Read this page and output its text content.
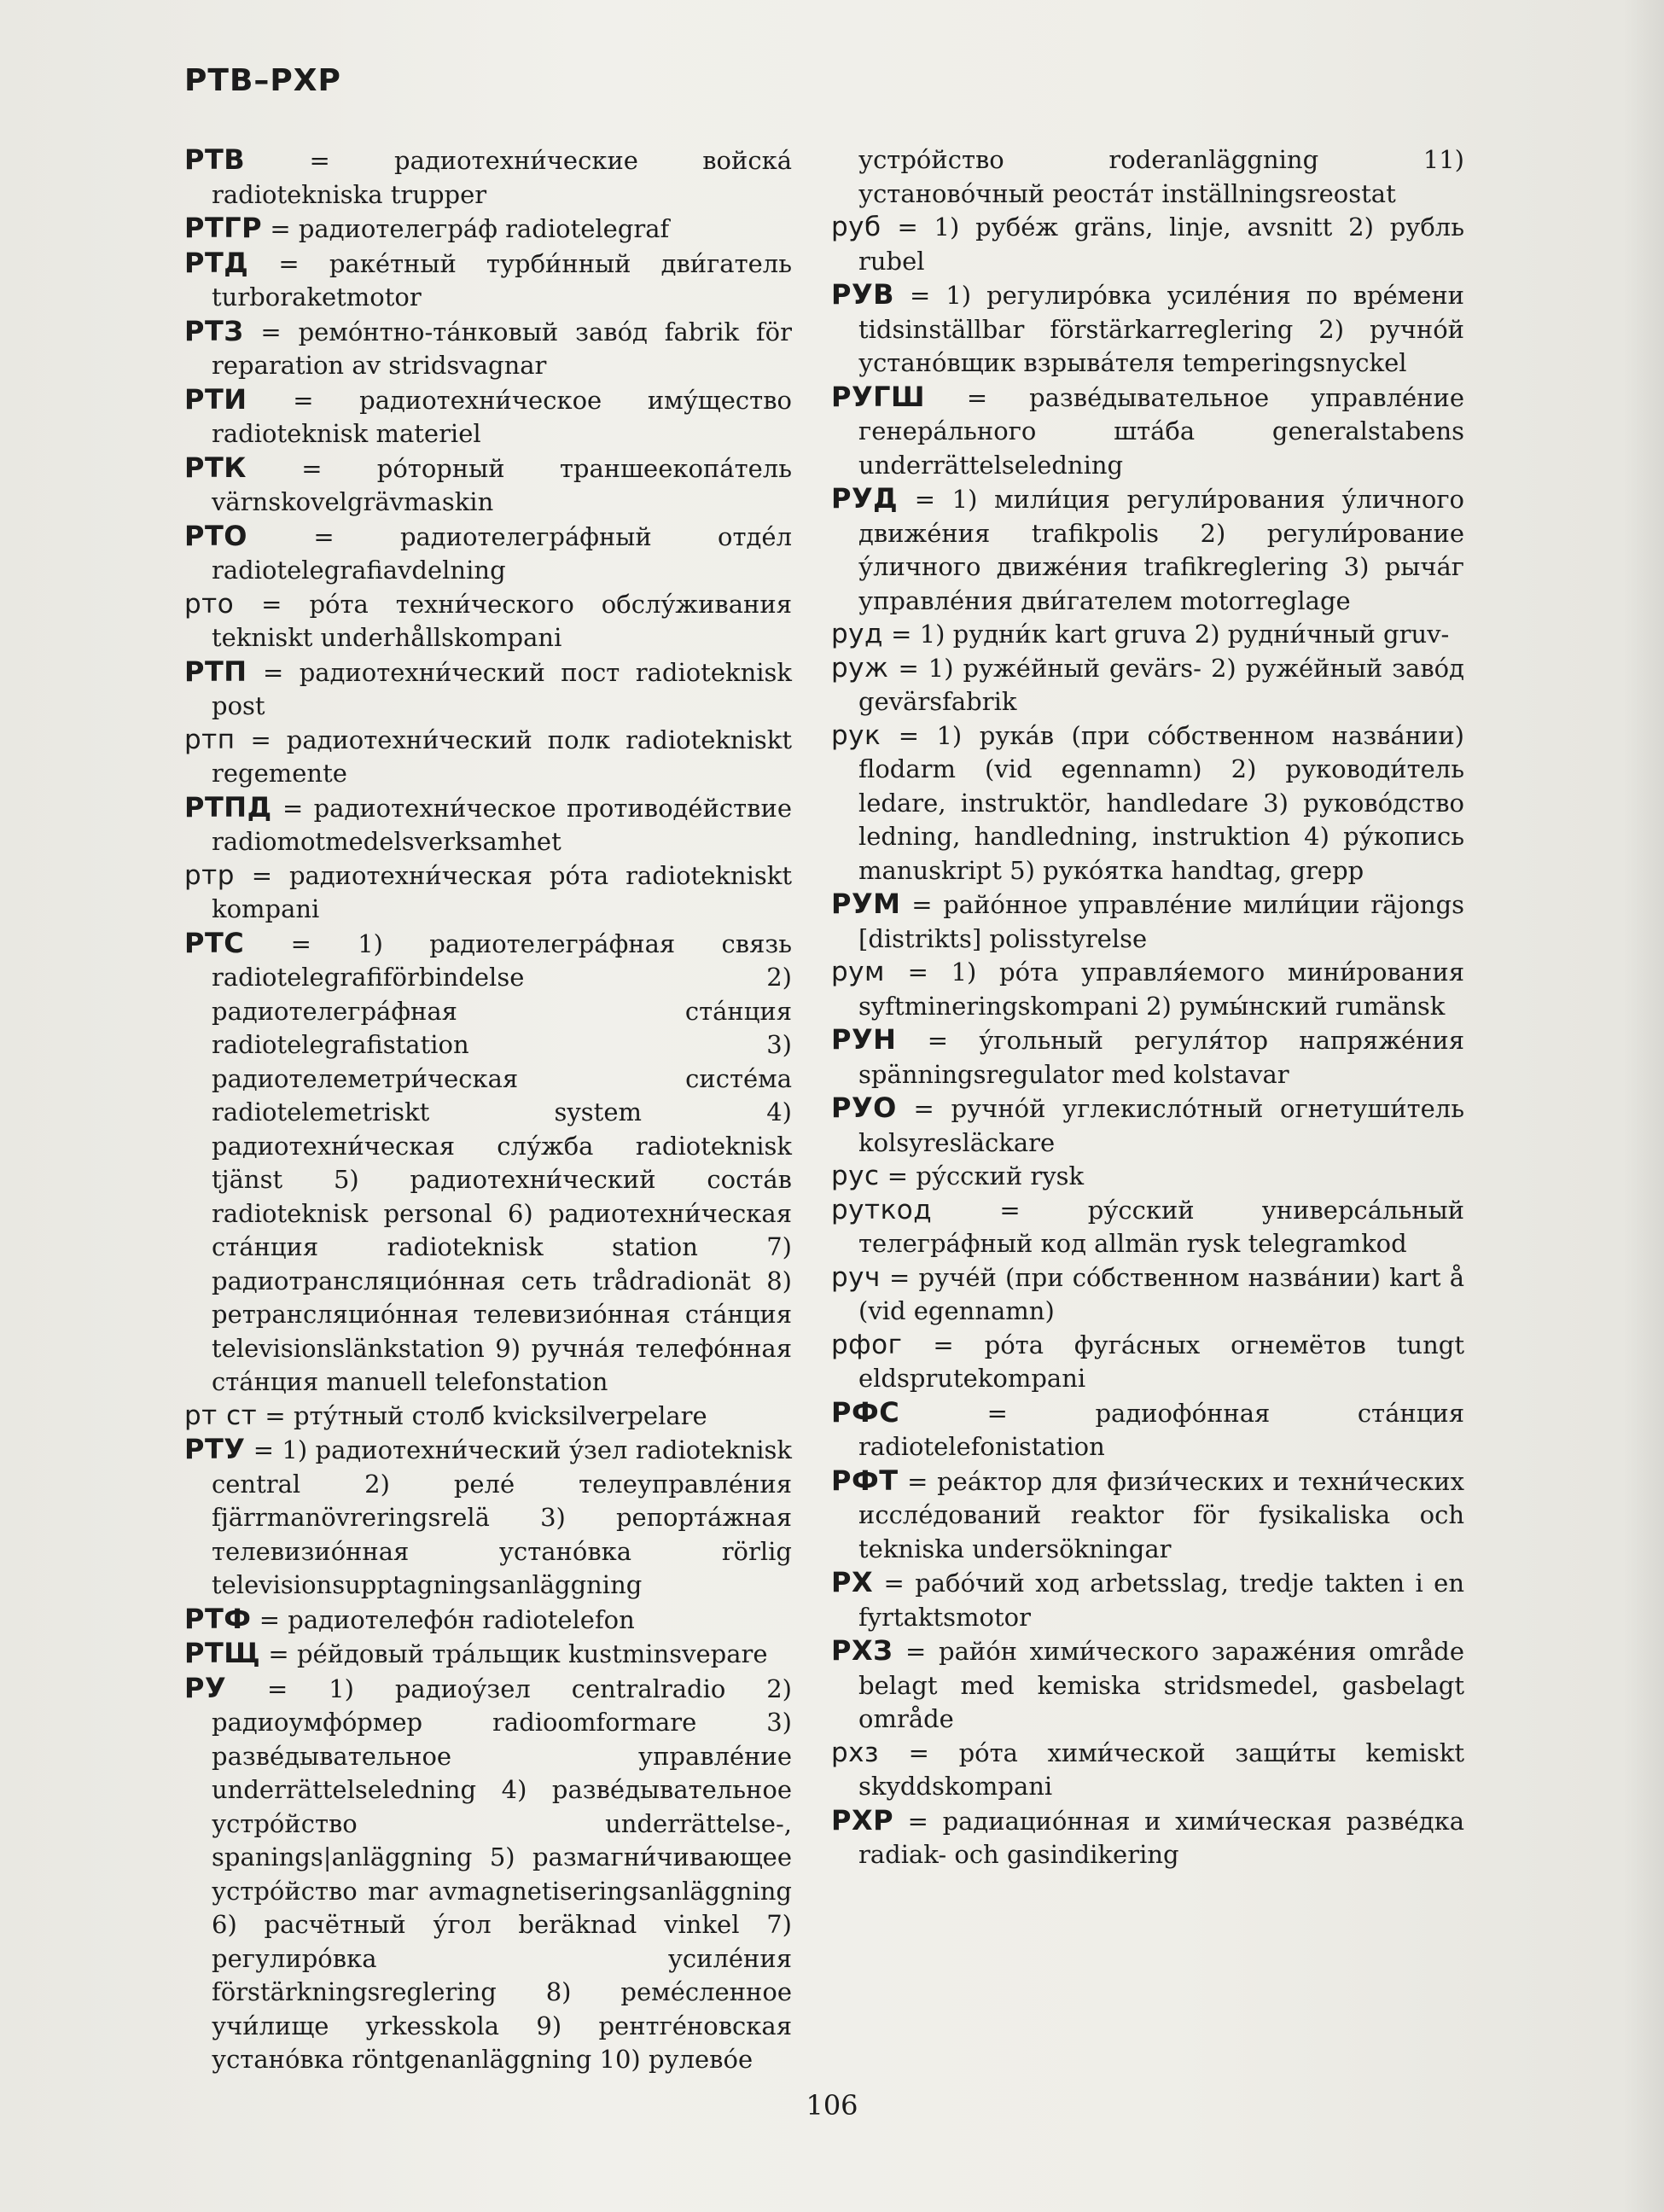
РТВ–РХР

РТВ = радиотехни́ческие войска́ radiotekniska trupper

РТГР = радиотелегра́ф radiotelegraf

РТД = раке́тный турби́нный дви́гатель turboraketmotor

РТЗ = ремо́нтно-та́нковый заво́д fabrik för reparation av stridsvagnar

РТИ = радиотехни́ческое иму́щество radioteknisk materiel

РТК = ро́торный траншеекопа́тель värnskovelgrävmaskin

РТО = радиотелегра́фный отде́л radiotelegrafiavdelning

рто = ро́та техни́ческого обслу́живания tekniskt underhållskompani

РТП = радиотехни́ческий пост radioteknisk post

ртп = радиотехни́ческий полк radiotekniskt regemente

РТПД = радиотехни́ческое противоде́йствие radiomotmedelsverksamhet

ртр = радиотехни́ческая ро́та radiotekniskt kompani

РТС = 1) радиотелегра́фная связь radiotelegrafiförbindelse 2) радиотелегра́фная ста́нция radiotelegrafistation 3) радиотелеметри́ческая систе́ма radiotelemetriskt system 4) радиотехни́ческая слу́жба radioteknisk tjänst 5) радиотехни́ческий соста́в radioteknisk personal 6) радиотехни́ческая ста́нция radioteknisk station 7) радиотрансляцио́нная сеть trådradionät 8) ретрансляцио́нная телевизио́нная ста́нция televisionslänkstation 9) ручна́я телефо́нная ста́нция manuell telefonstation

рт ст = рту́тный столб kvicksilverpelare

РТУ = 1) радиотехни́ческий у́зел radioteknisk central 2) реле́ телеуправле́ния fjärrmanövreringsrelä 3) репорта́жная телевизио́нная устано́вка rörlig televisionsupptagningsanläggning

РТФ = радиотелефо́н radiotelefon

РТЩ = ре́йдовый тра́льщик kustminsvepare

РУ = 1) радиоу́зел centralradio 2) радиоумфо́рмер radioomformare 3) разве́дывательное управле́ние underrättelseledning 4) разве́дывательное устро́йство underrättelse-, spanings|anläggning 5) размагни́чивающее устро́йство mar avmagnetiseringsanläggning 6) расчётный у́гол beräknad vinkel 7) регулиро́вка усиле́ния förstärkningsreglering 8) реме́сленное учи́лище yrkesskola 9) рентге́новская устано́вка röntgenanläggning 10) рулево́е

устро́йство roderanläggning 11) установо́чный реоста́т inställningsreostat

руб = 1) рубе́ж gräns, linje, avsnitt 2) рубль rubel

РУВ = 1) регулиро́вка усиле́ния по вре́мени tidsinställbar förstärkarreglering 2) ручно́й устано́вщик взрыва́теля temperingsnyckel

РУГШ = разве́дывательное управле́ние генера́льного шта́ба generalstabens underrättelseledning

РУД = 1) мили́ция регули́рования у́личного движе́ния trafikpolis 2) регули́рование у́личного движе́ния trafikreglering 3) рыча́г управле́ния дви́гателем motorreglage

руд = 1) рудни́к kart gruva 2) рудни́чный gruv-

руж = 1) руже́йный gevärs- 2) руже́йный заво́д gevärsfabrik

рук = 1) рука́в (при со́бственном назва́нии) flodarm (vid egennamn) 2) руководи́тель ledare, instruktör, handledare 3) руково́дство ledning, handledning, instruktion 4) ру́копись manuskript 5) руко́ятка handtag, grepp

РУМ = райо́нное управле́ние мили́ции räjongs [distrikts] polisstyrelse

рум = 1) ро́та управля́емого мини́рования syftmineringskompani 2) румы́нский rumänsk

РУН = у́гольный регуля́тор напряже́ния spänningsregulator med kolstavar

РУО = ручно́й углекисло́тный огнетуши́тель kolsyresläckare

рус = ру́сский rysk

руткод = ру́сский универса́льный телегра́фный код allmän rysk telegramkod

руч = руче́й (при со́бственном назва́нии) kart å (vid egennamn)

рфог = ро́та фуга́сных огнемётов tungt eldsprutekompani

РФС = радиофо́нная ста́нция radiotelefonistation

РФТ = реа́ктор для физи́ческих и техни́ческих иссле́дований reaktor för fysikaliska och tekniska undersökningar

РХ = рабо́чий ход arbetsslag, tredje takten i en fyrtaktsmotor

РХЗ = райо́н хими́ческого зараже́ния område belagt med kemiska stridsmedel, gasbelagt område

рхз = ро́та хими́ческой защи́ты kemiskt skyddskompani

РХР = радиацио́нная и хими́ческая разве́дка radiak- och gasindikering

106
